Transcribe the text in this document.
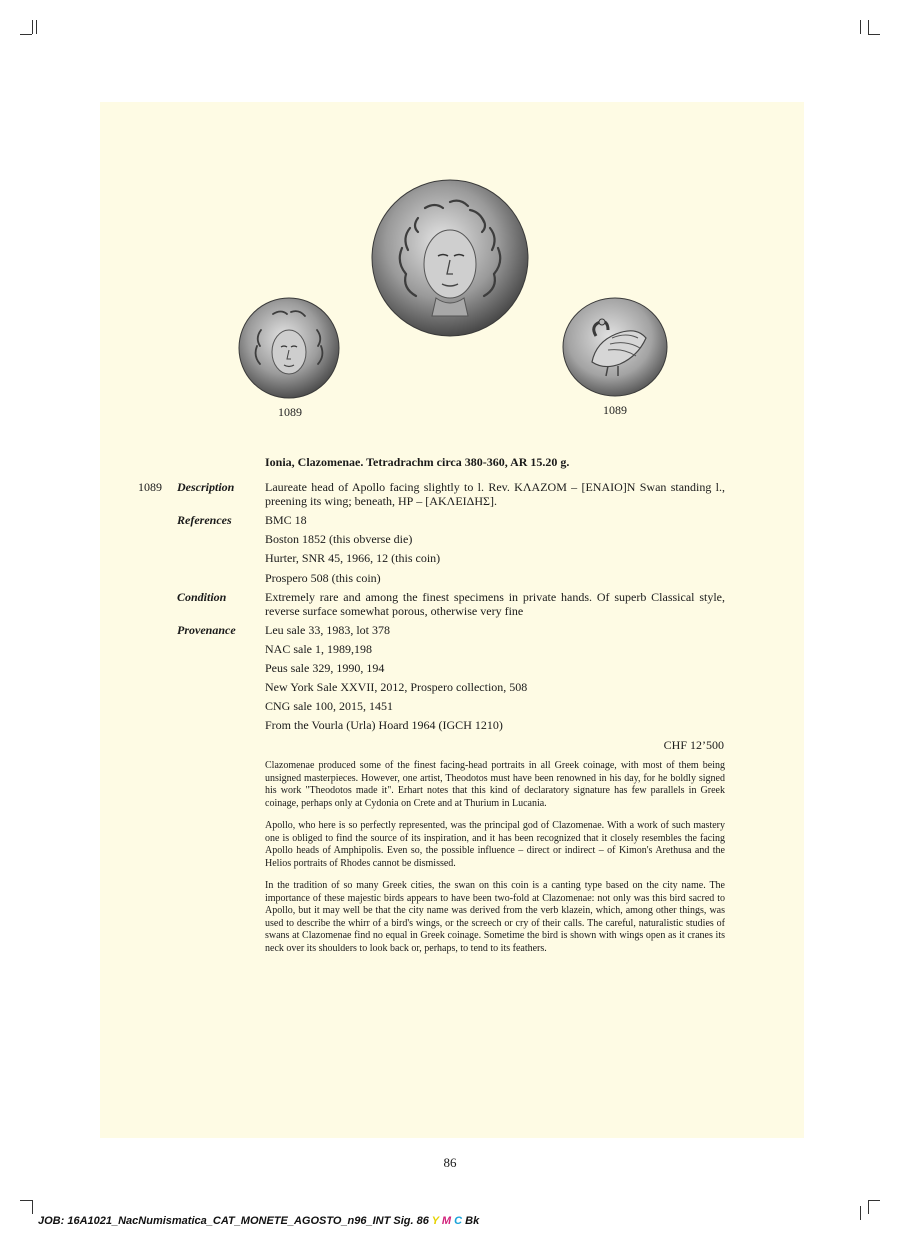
1089	1089
Ionia, Clazomenae. Tetradrachm circa 380-360, AR 15.20 g.
1089 Description	Laureate head of Apollo facing slightly to l. Rev. ΚΛΑΖΟΜ – [ΕΝΑΙΟ]Ν Swan standing l., preening its wing; beneath, ΗΡ – [ΑΚΛΕΙΔΗΣ].
References	BMC 18
Boston 1852 (this obverse die)
Hurter, SNR 45, 1966, 12 (this coin)
Prospero 508 (this coin)
Condition	Extremely rare and among the finest specimens in private hands. Of superb Classical style, reverse surface somewhat porous, otherwise very fine
Provenance Leu sale 33, 1983, lot 378
NAC sale 1, 1989,198
Peus sale 329, 1990, 194
New York Sale XXVII, 2012, Prospero collection, 508
CNG sale 100, 2015, 1451
From the Vourla (Urla) Hoard 1964 (IGCH 1210)
CHF 12’500
Clazomenae produced some of the finest facing-head portraits in all Greek coinage, with most of them being unsigned masterpieces. However, one artist, Theodotos must have been renowned in his day, for he boldly signed his work "Theodotos made it". Erhart notes that this kind of declaratory signature has few parallels in Greek coinage, perhaps only at Cydonia on Crete and at Thurium in Lucania.
Apollo, who here is so perfectly represented, was the principal god of Clazomenae. With a work of such mastery one is obliged to find the source of its inspiration, and it has been recognized that it closely resembles the facing Apollo heads of Amphipolis. Even so, the possible influence – direct or indirect – of Kimon's Arethusa and the Helios portraits of Rhodes cannot be dismissed.
In the tradition of so many Greek cities, the swan on this coin is a canting type based on the city name. The importance of these majestic birds appears to have been two-fold at Clazomenae: not only was this bird sacred to Apollo, but it may well be that the city name was derived from the verb klazein, which, among other things, was used to describe the whirr of a bird's wings, or the screech or cry of their calls. The careful, naturalistic studies of swans at Clazomenae find no equal in Greek coinage. Sometime the bird is shown with wings open as it cranes its neck over its shoulders to look back or, perhaps, to tend to its feathers.
86
JOB: 16A1021_NacNumismatica_CAT_MONETE_AGOSTO_n96_INT Sig. 86 Y M C Bk
